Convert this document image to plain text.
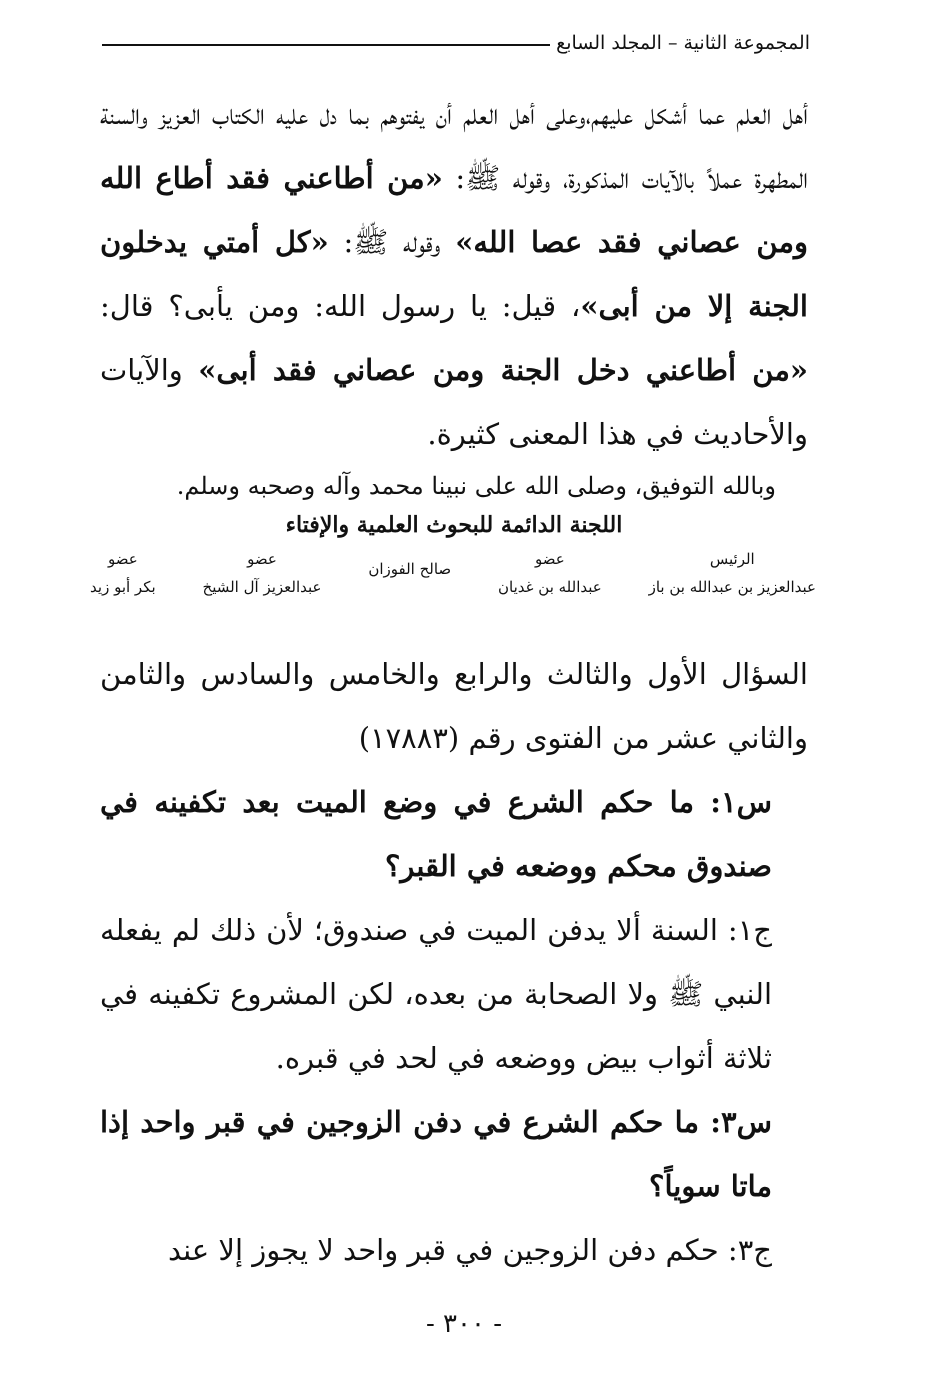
المجموعة الثانية – المجلد السابع

أهل العلم عما أشكل عليهم،وعلى أهل العلم أن يفتوهم بما دل عليه الكتاب العزيز والسنة المطهرة عملاً بالآيات المذكورة، وقوله ﷺ: «من أطاعني فقد أطاع الله ومن عصاني فقد عصا الله» وقوله ﷺ: «كل أمتي يدخلون الجنة إلا من أبى»، قيل: يا رسول الله: ومن يأبى؟ قال: «من أطاعني دخل الجنة ومن عصاني فقد أبى» والآيات والأحاديث في هذا المعنى كثيرة.

وبالله التوفيق، وصلى الله على نبينا محمد وآله وصحبه وسلم.

اللجنة الدائمة للبحوث العلمية والإفتاء
الرئيس
عبدالعزيز بن عبدالله بن باز
عضو
عبدالله بن غديان
صالح الفوزان
عضو
عبدالعزيز آل الشيخ
عضو
بكر أبو زيد

السؤال الأول والثالث والرابع والخامس والسادس والثامن والثاني عشر من الفتوى رقم (١٧٨٨٣)

س١: ما حكم الشرع في وضع الميت بعد تكفينه في صندوق محكم ووضعه في القبر؟

ج١: السنة ألا يدفن الميت في صندوق؛ لأن ذلك لم يفعله النبي ﷺ ولا الصحابة من بعده، لكن المشروع تكفينه في ثلاثة أثواب بيض ووضعه في لحد في قبره.

س٣: ما حكم الشرع في دفن الزوجين في قبر واحد إذا ماتا سوياً؟

ج٣: حكم دفن الزوجين في قبر واحد لا يجوز إلا عند

- ٣٠٠ -
